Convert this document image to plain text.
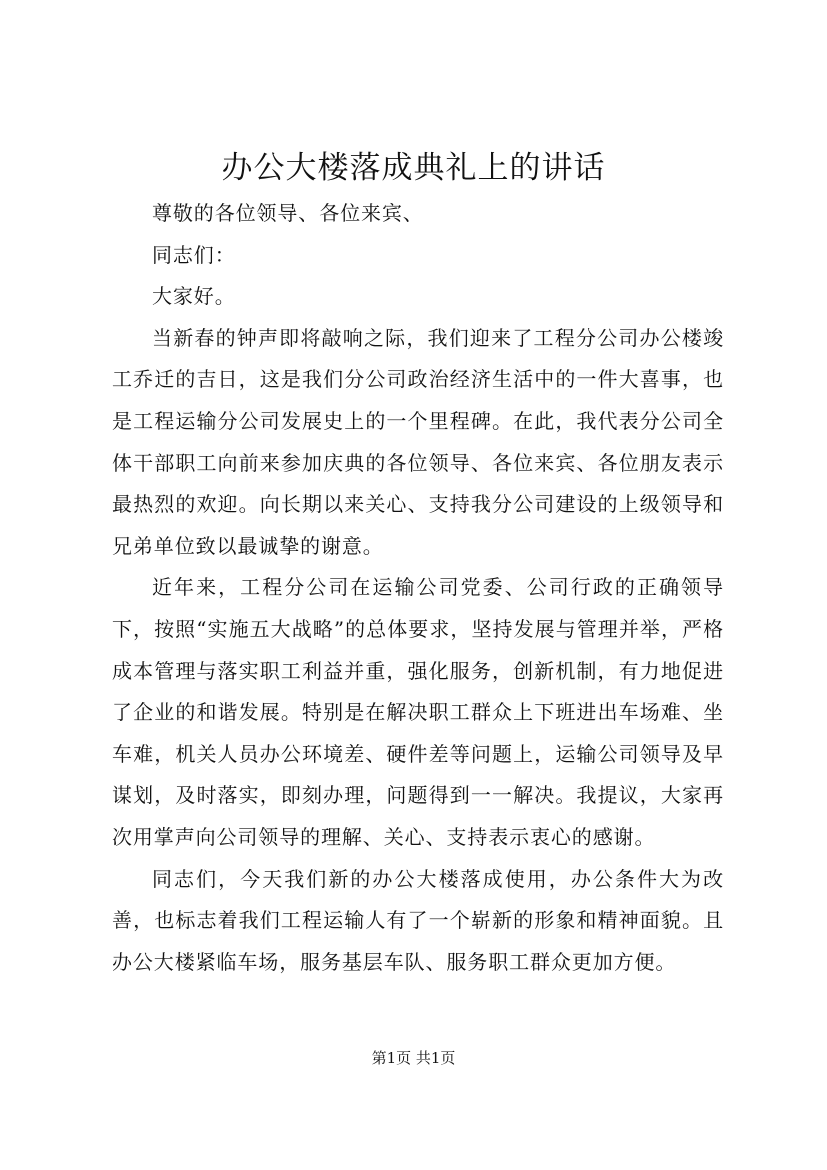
办公大楼落成典礼上的讲话

尊敬的各位领导、各位来宾、

同志们：

大家好。

当新春的钟声即将敲响之际，我们迎来了工程分公司办公楼竣工乔迁的吉日，这是我们分公司政治经济生活中的一件大喜事，也是工程运输分公司发展史上的一个里程碑。在此，我代表分公司全体干部职工向前来参加庆典的各位领导、各位来宾、各位朋友表示最热烈的欢迎。向长期以来关心、支持我分公司建设的上级领导和兄弟单位致以最诚挚的谢意。

近年来，工程分公司在运输公司党委、公司行政的正确领导下，按照“实施五大战略”的总体要求，坚持发展与管理并举，严格成本管理与落实职工利益并重，强化服务，创新机制，有力地促进了企业的和谐发展。特别是在解决职工群众上下班进出车场难、坐车难，机关人员办公环境差、硬件差等问题上，运输公司领导及早谋划，及时落实，即刻办理，问题得到一一解决。我提议，大家再次用掌声向公司领导的理解、关心、支持表示衷心的感谢。

同志们，今天我们新的办公大楼落成使用，办公条件大为改善，也标志着我们工程运输人有了一个崭新的形象和精神面貌。且办公大楼紧临车场，服务基层车队、服务职工群众更加方便。

第1页 共1页
